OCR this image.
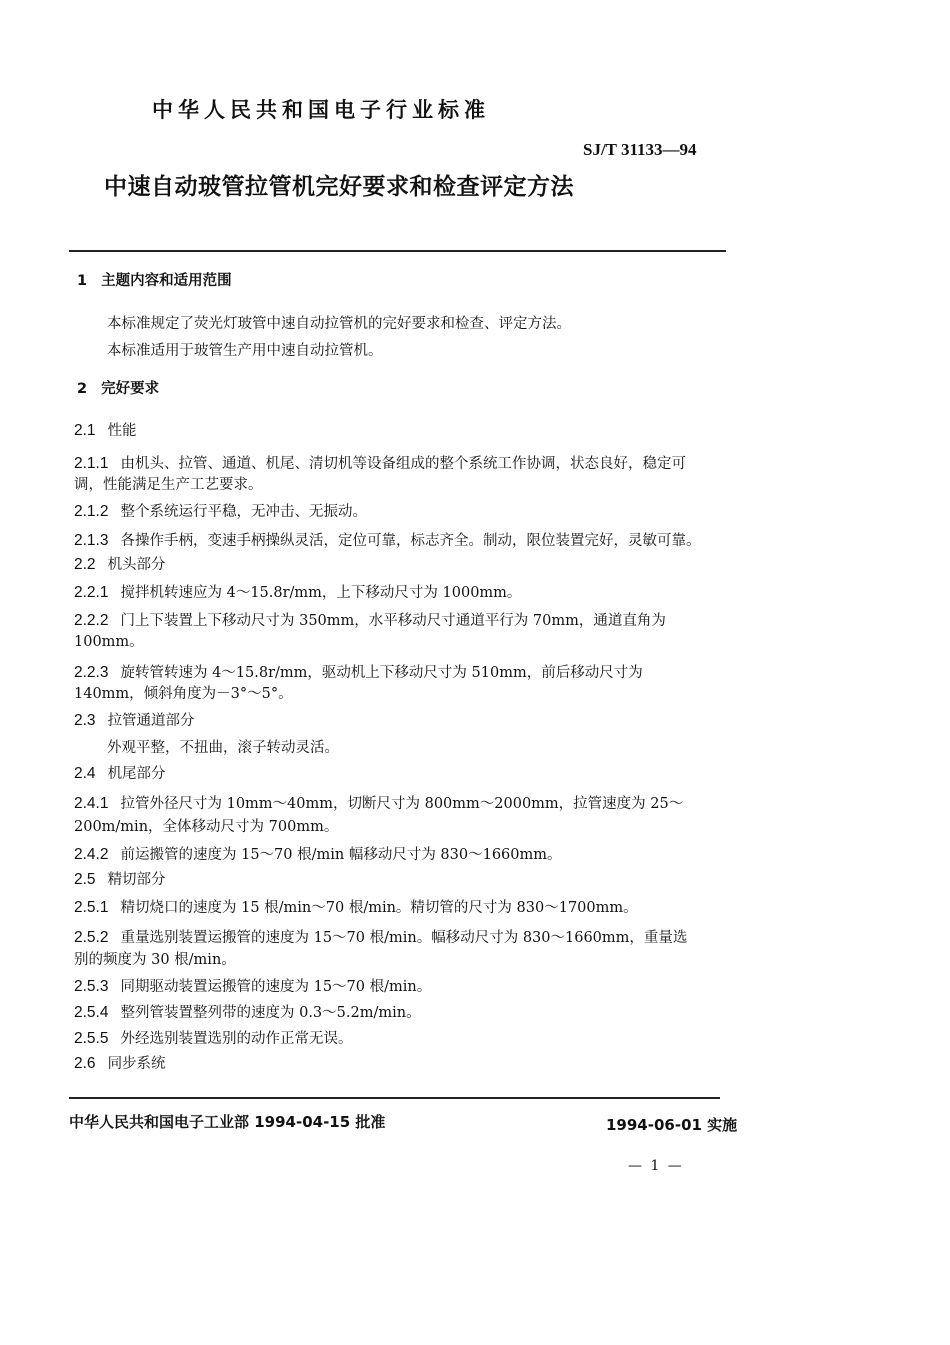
中华人民共和国电子行业标准
SJ/T 31133—94
中速自动玻管拉管机完好要求和检查评定方法
1 主题内容和适用范围
本标准规定了荧光灯玻管中速自动拉管机的完好要求和检查、评定方法。
本标准适用于玻管生产用中速自动拉管机。
2 完好要求
2.1 性能
2.1.1 由机头、拉管、通道、机尾、清切机等设备组成的整个系统工作协调，状态良好，稳定可
调，性能满足生产工艺要求。
2.1.2 整个系统运行平稳，无冲击、无振动。
2.1.3 各操作手柄，变速手柄操纵灵活，定位可靠，标志齐全。制动，限位装置完好，灵敏可靠。
2.2 机头部分
2.2.1 搅拌机转速应为 4～15.8r/mm，上下移动尺寸为 1000mm。
2.2.2 门上下装置上下移动尺寸为 350mm，水平移动尺寸通道平行为 70mm，通道直角为
100mm。
2.2.3 旋转管转速为 4～15.8r/mm，驱动机上下移动尺寸为 510mm，前后移动尺寸为
140mm，倾斜角度为－3°～5°。
2.3 拉管通道部分
外观平整，不扭曲，滚子转动灵活。
2.4 机尾部分
2.4.1 拉管外径尺寸为 10mm～40mm，切断尺寸为 800mm～2000mm，拉管速度为 25～
200m/min，全体移动尺寸为 700mm。
2.4.2 前运搬管的速度为 15～70 根/min 幅移动尺寸为 830～1660mm。
2.5 精切部分
2.5.1 精切烧口的速度为 15 根/min～70 根/min。精切管的尺寸为 830～1700mm。
2.5.2 重量选别装置运搬管的速度为 15～70 根/min。幅移动尺寸为 830～1660mm，重量选
别的频度为 30 根/min。
2.5.3 同期驱动装置运搬管的速度为 15～70 根/min。
2.5.4 整列管装置整列带的速度为 0.3～5.2m/min。
2.5.5 外经选别装置选别的动作正常无误。
2.6 同步系统
中华人民共和国电子工业部 1994-04-15 批准	1994-06-01 实施
— 1 —
